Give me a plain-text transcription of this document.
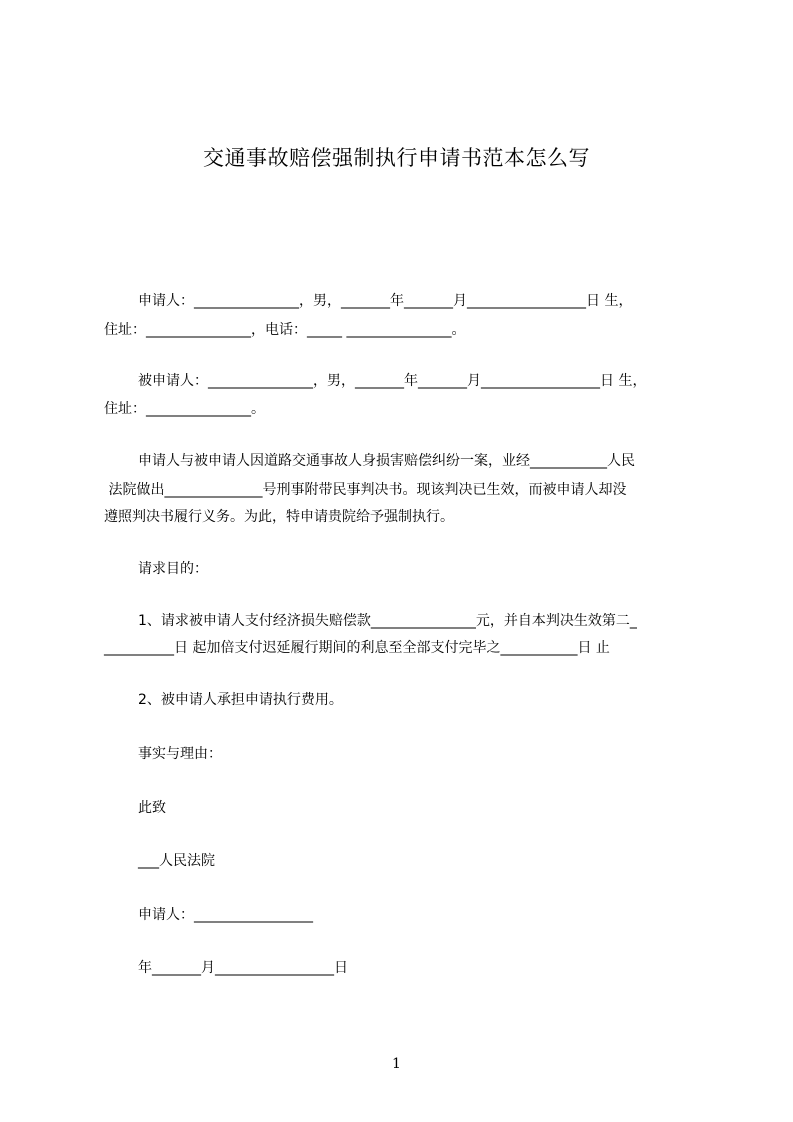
交通事故赔偿强制执行申请书范本怎么写
申请人：_______________，男，_______年_______月_________________日 生，
住址：_______________，电话：_____ _______________。
被申请人：_______________，男，_______年_______月_________________日 生，
住址：_______________。
申请人与被申请人因道路交通事故人身损害赔偿纠纷一案，业经___________人民
法院做出______________号刑事附带民事判决书。现该判决已生效，而被申请人却没
遵照判决书履行义务。为此，特申请贵院给予强制执行。
请求目的：
1、请求被申请人支付经济损失赔偿款_______________元，并自本判决生效第二_
__________日 起加倍支付迟延履行期间的利息至全部支付完毕之___________日 止
2、被申请人承担申请执行费用。
事实与理由：
此致
___人民法院
申请人：_________________
年_______月_________________日
1
